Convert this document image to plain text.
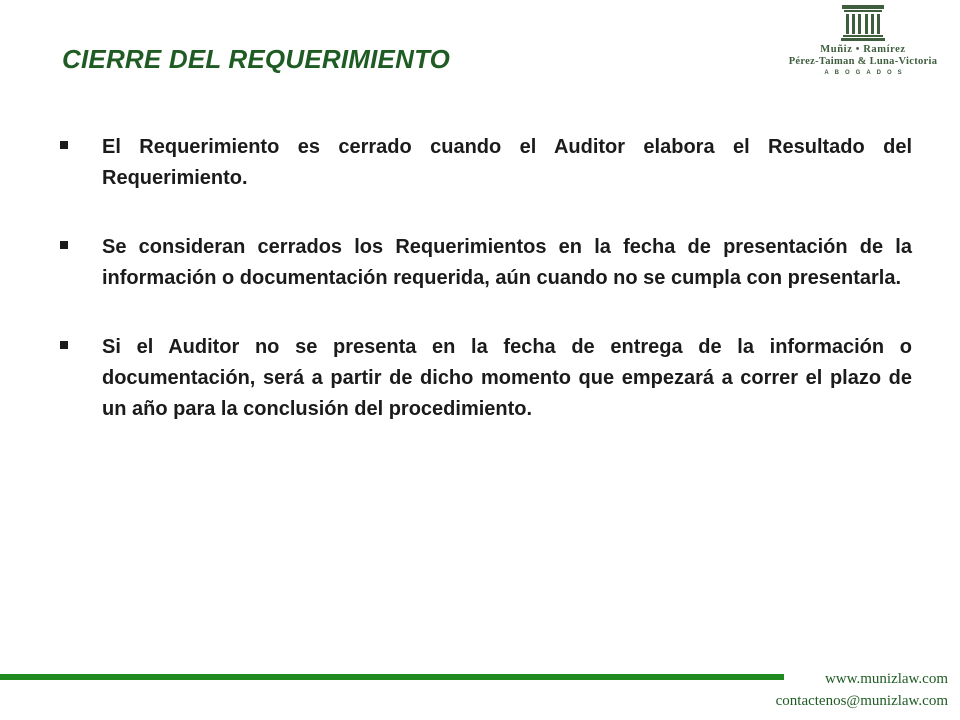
CIERRE DEL REQUERIMIENTO	Muñiz • Ramírez
Pérez-Taiman & Luna-Victoria
ABOGADOS
El Requerimiento es cerrado cuando el Auditor elabora el Resultado del Requerimiento.
Se consideran cerrados los Requerimientos en la fecha de presentación de la información o documentación requerida, aún cuando no se cumpla con presentarla.
Si el Auditor no se presenta en la fecha de entrega de la información o documentación, será a partir de dicho momento que empezará a correr el plazo de un año para la conclusión del procedimiento.
www.munizlaw.com
contactenos@munizlaw.com
